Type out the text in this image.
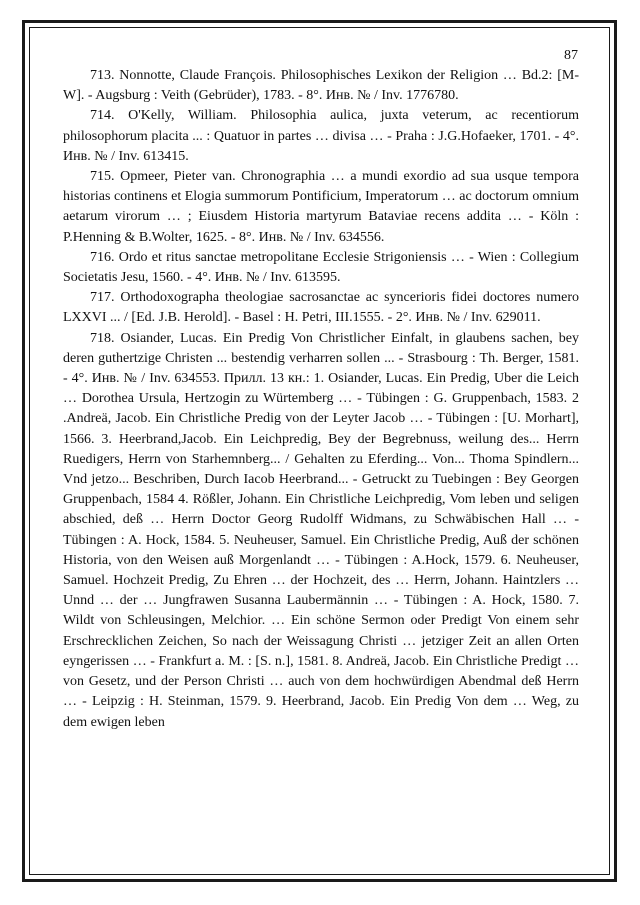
87

713. Nonnotte, Claude François. Philosophisches Lexikon der Religion … Bd.2: [M-W]. - Augsburg : Veith (Gebrüder), 1783. - 8°. Инв. № / Inv. 1776780.

714. O'Kelly, William. Philosophia aulica, juxta veterum, ac recentiorum philosophorum placita ... : Quatuor in partes … divisa … - Praha : J.G.Hofaeker, 1701. - 4°. Инв. № / Inv. 613415.

715. Opmeer, Pieter van. Chronographia … a mundi exordio ad sua usque tempora historias continens et Elogia summorum Pontificium, Imperatorum … ac doctorum omnium aetarum virorum … ; Eiusdem Historia martyrum Bataviae recens addita … - Köln : P.Henning & B.Wolter, 1625. - 8°. Инв. № / Inv. 634556.

716. Ordo et ritus sanctae metropolitane Ecclesie Strigoniensis … - Wien : Collegium Societatis Jesu, 1560. - 4°. Инв. № / Inv. 613595.

717. Orthodoxographa theologiae sacrosanctae ac syncerioris fidei doctores numero LXXVI ... / [Ed. J.B. Herold]. - Basel : H. Petri, III.1555. - 2°. Инв. № / Inv. 629011.

718. Osiander, Lucas. Ein Predig Von Christlicher Einfalt, in glaubens sachen, bey deren guthertzige Christen ... bestendig verharren sollen ... - Strasbourg : Th. Berger, 1581. - 4°. Инв. № / Inv. 634553. Прилл. 13 кн.: 1. Osiander, Lucas. Ein Predig, Uber die Leich … Dorothea Ursula, Hertzogin zu Würtemberg … - Tübingen : G. Gruppenbach, 1583. 2 .Andreä, Jacob. Ein Christliche Predig von der Leyter Jacob … - Tübingen : [U. Morhart], 1566. 3. Heerbrand,Jacob. Ein Leichpredig, Bey der Begrebnuss, weilung des... Herrn Ruedigers, Herrn von Starhemnberg... / Gehalten zu Eferding... Von... Thoma Spindlern... Vnd jetzo... Beschriben, Durch Iacob Heerbrand... - Getruckt zu Tuebingen : Bey Georgen Gruppenbach, 1584 4. Rößler, Johann. Ein Christliche Leichpredig, Vom leben und seligen abschied, deß … Herrn Doctor Georg Rudolff Widmans, zu Schwäbischen Hall … - Tübingen : A. Hock, 1584. 5. Neuheuser, Samuel. Ein Christliche Predig, Auß der schönen Historia, von den Weisen auß Morgenlandt … - Tübingen : A.Hock, 1579. 6. Neuheuser, Samuel. Hochzeit Predig, Zu Ehren … der Hochzeit, des … Herrn, Johann. Haintzlers … Unnd … der … Jungfrawen Susanna Laubermännin … - Tübingen : A. Hock, 1580. 7. Wildt von Schleusingen, Melchior. … Ein schöne Sermon oder Predigt Von einem sehr Erschrecklichen Zeichen, So nach der Weissagung Christi … jetziger Zeit an allen Orten eyngerissen … - Frankfurt a. M. : [S. n.], 1581. 8. Andreä, Jacob. Ein Christliche Predigt … von Gesetz, und der Person Christi … auch von dem hochwürdigen Abendmal deß Herrn … - Leipzig : H. Steinman, 1579. 9. Heerbrand, Jacob. Ein Predig Von dem … Weg, zu dem ewigen leben
